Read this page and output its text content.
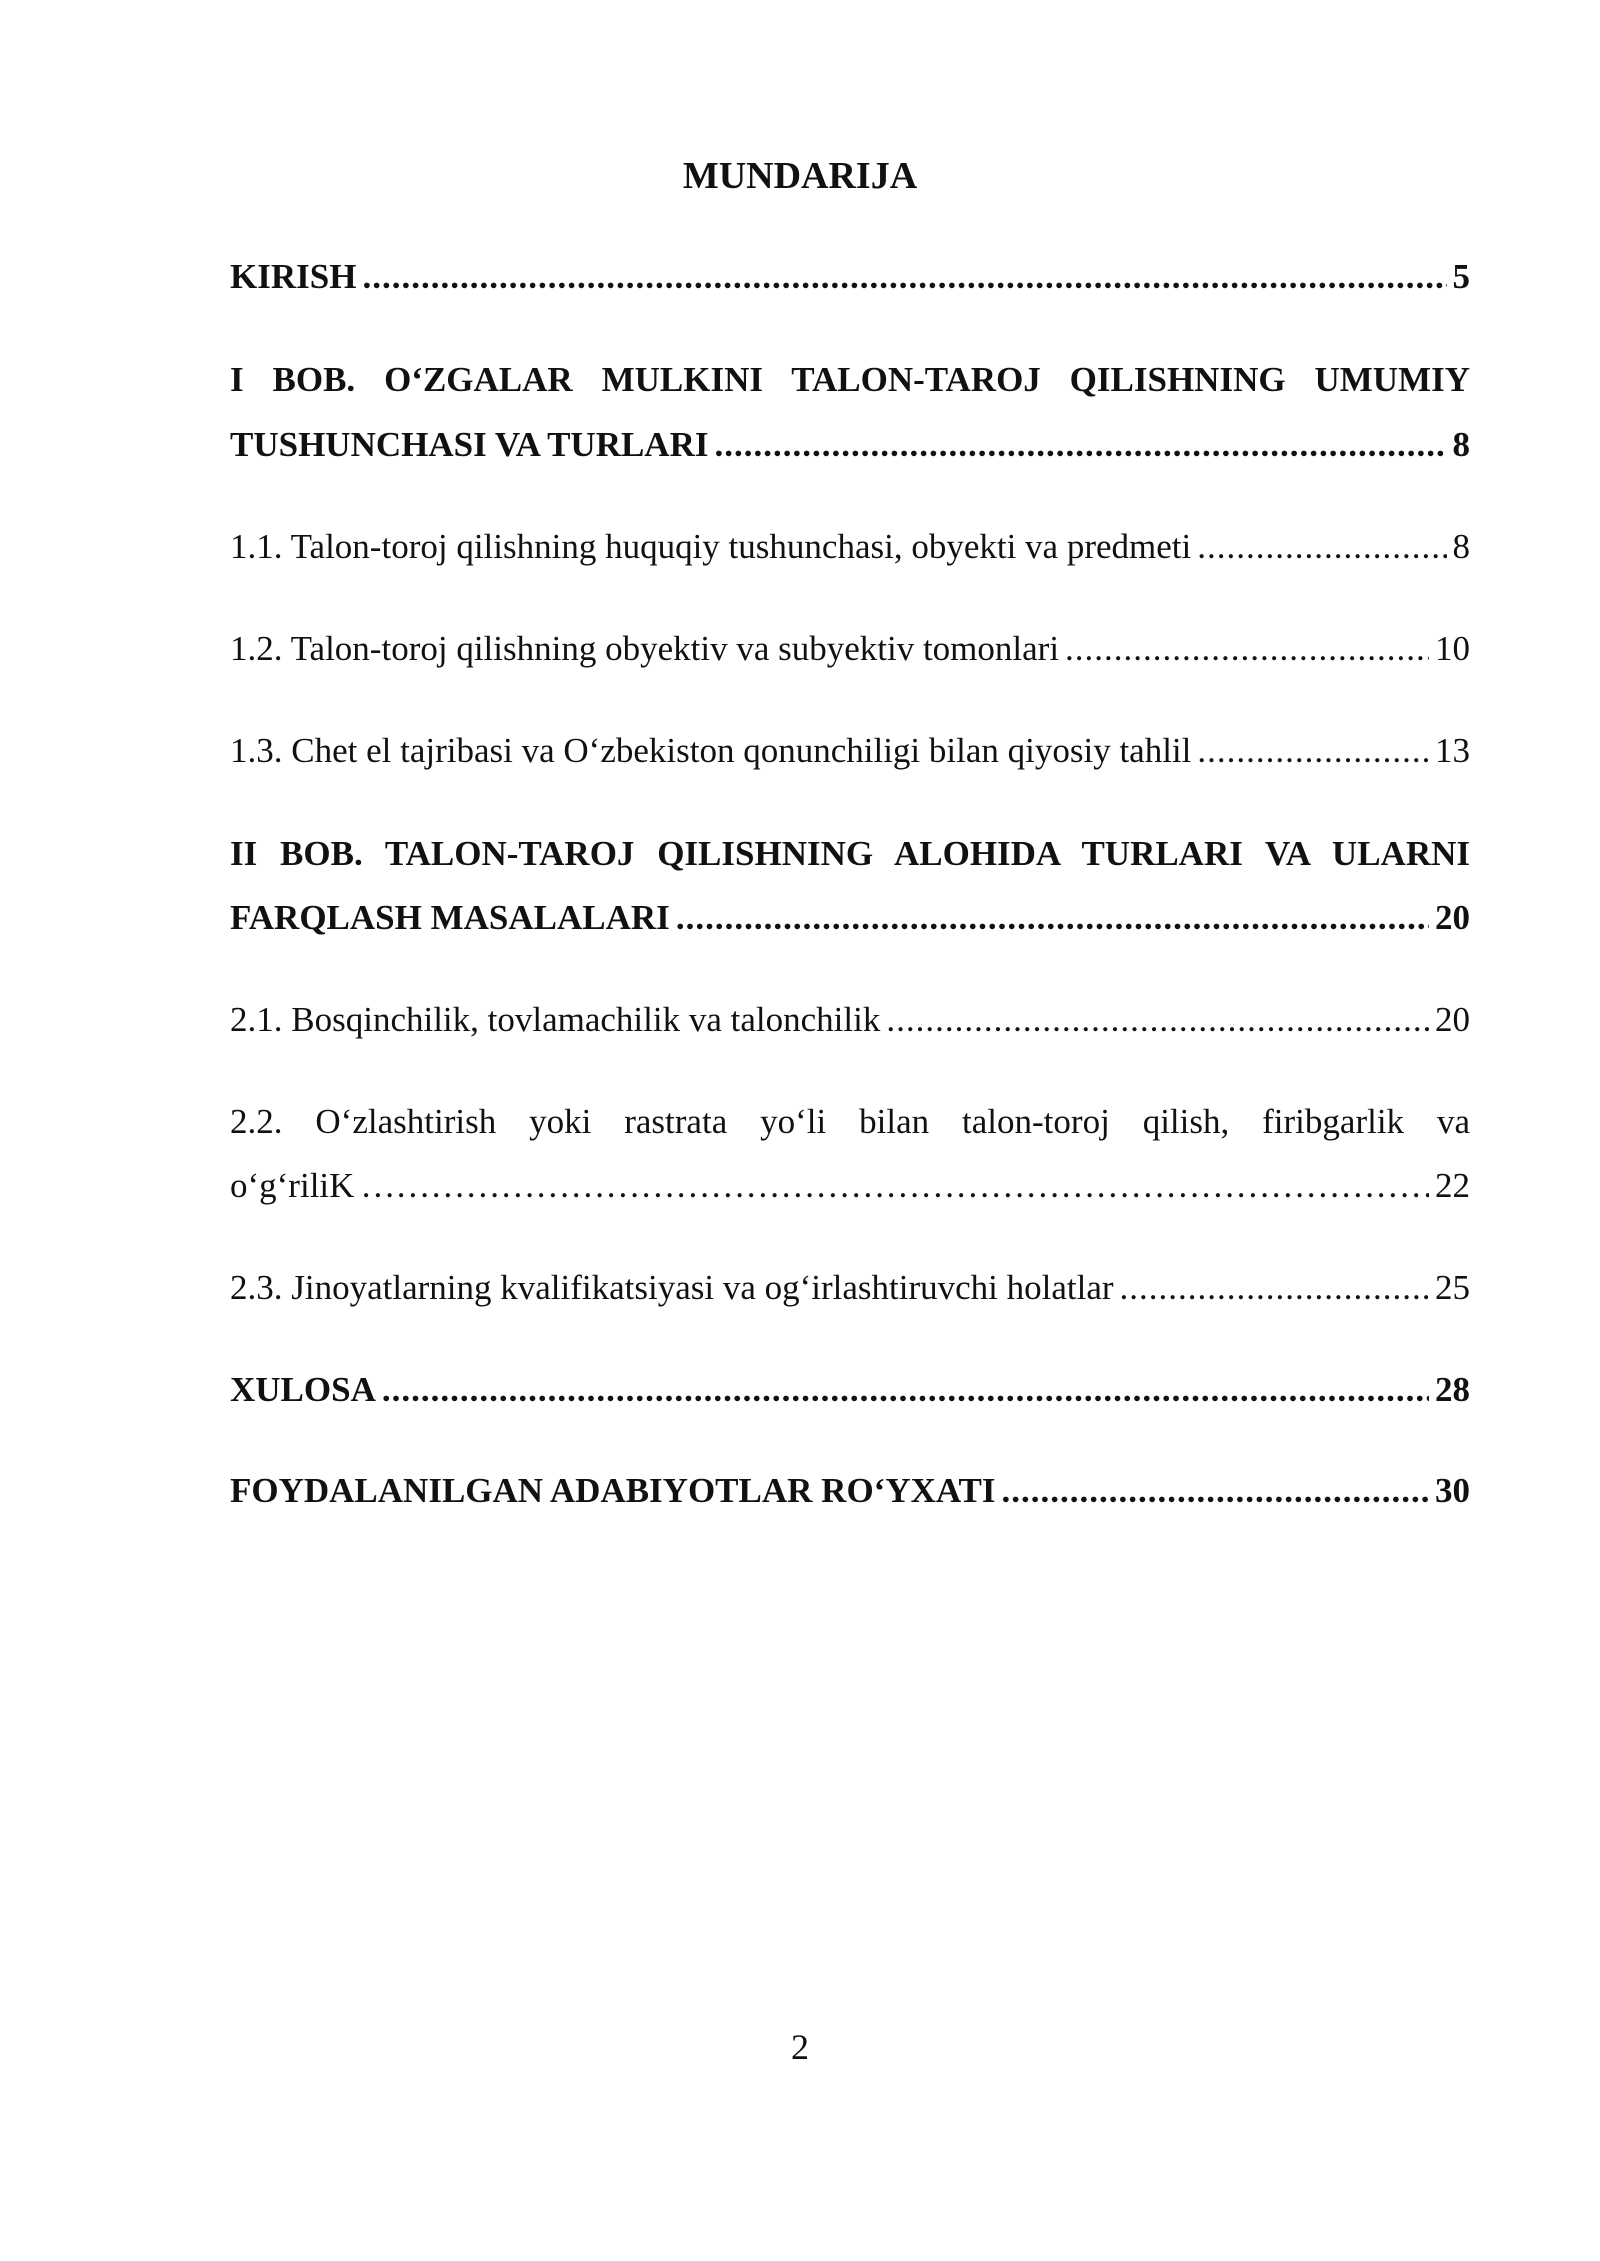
MUNDARIJA
KIRISH .....	5
I BOB. O‘ZGALAR MULKINI TALON-TAROJ QILISHNING UMUMIY
TUSHUNCHASI VA TURLARI .....	8
1.1. Talon-toroj qilishning huquqiy tushunchasi, obyekti va predmeti .....	8
1.2. Talon-toroj qilishning obyektiv va subyektiv tomonlari .....	10
1.3. Chet el tajribasi va O‘zbekiston qonunchiligi bilan qiyosiy tahlil .....	13
II BOB. TALON-TAROJ QILISHNING ALOHIDA TURLARI VA ULARNI
FARQLASH MASALALARI .....	20
2.1. Bosqinchilik, tovlamachilik va talonchilik .....	20
2.2. O‘zlashtirish yoki rastrata yo‘li bilan talon-toroj qilish, firibgarlik va
o‘g‘riliK ……………………………………………………………………………………………………………………………………………………………………………………………………………………………………	22
2.3. Jinoyatlarning kvalifikatsiyasi va og‘irlashtiruvchi holatlar .....	25
XULOSA .....	28
FOYDALANILGAN ADABIYOTLAR RO‘YXATI .....	30
2
